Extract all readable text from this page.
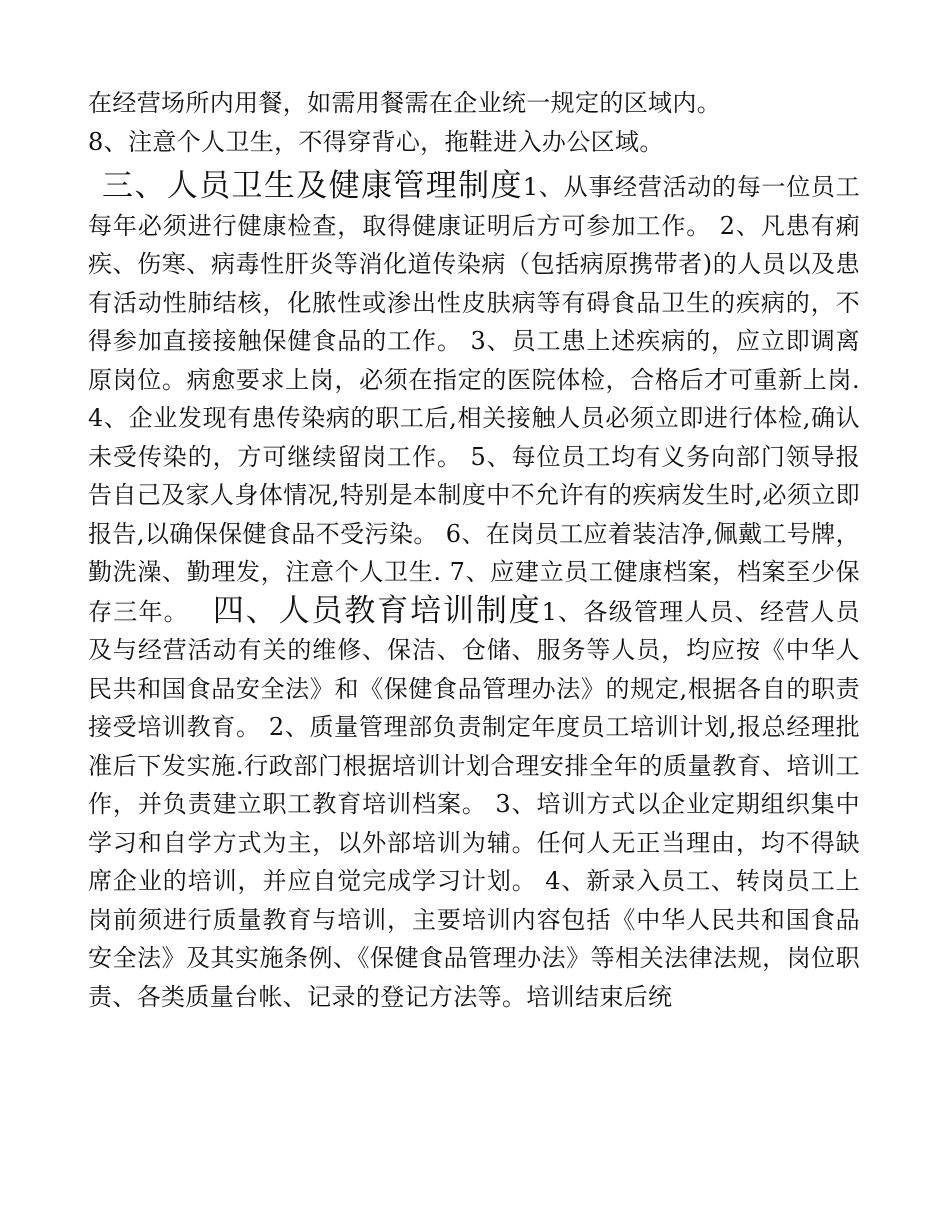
在经营场所内用餐，如需用餐需在企业统一规定的区域内。

8、注意个人卫生，不得穿背心，拖鞋进入办公区域。

三、人员卫生及健康管理制度1、从事经营活动的每一位员工每年必须进行健康检查，取得健康证明后方可参加工作。 2、凡患有痢疾、伤寒、病毒性肝炎等消化道传染病（包括病原携带者)的人员以及患有活动性肺结核，化脓性或渗出性皮肤病等有碍食品卫生的疾病的，不得参加直接接触保健食品的工作。 3、员工患上述疾病的，应立即调离原岗位。病愈要求上岗，必须在指定的医院体检，合格后才可重新上岗. 4、企业发现有患传染病的职工后,相关接触人员必须立即进行体检,确认未受传染的，方可继续留岗工作。 5、每位员工均有义务向部门领导报告自己及家人身体情况,特别是本制度中不允许有的疾病发生时,必须立即报告,以确保保健食品不受污染。 6、在岗员工应着装洁净,佩戴工号牌，勤洗澡、勤理发，注意个人卫生. 7、应建立员工健康档案，档案至少保存三年。 四、人员教育培训制度1、各级管理人员、经营人员及与经营活动有关的维修、保洁、仓储、服务等人员，均应按《中华人民共和国食品安全法》和《保健食品管理办法》的规定,根据各自的职责接受培训教育。 2、质量管理部负责制定年度员工培训计划,报总经理批准后下发实施.行政部门根据培训计划合理安排全年的质量教育、培训工作，并负责建立职工教育培训档案。 3、培训方式以企业定期组织集中学习和自学方式为主，以外部培训为辅。任何人无正当理由，均不得缺席企业的培训，并应自觉完成学习计划。 4、新录入员工、转岗员工上岗前须进行质量教育与培训，主要培训内容包括《中华人民共和国食品安全法》及其实施条例、《保健食品管理办法》等相关法律法规，岗位职责、各类质量台帐、记录的登记方法等。培训结束后统
